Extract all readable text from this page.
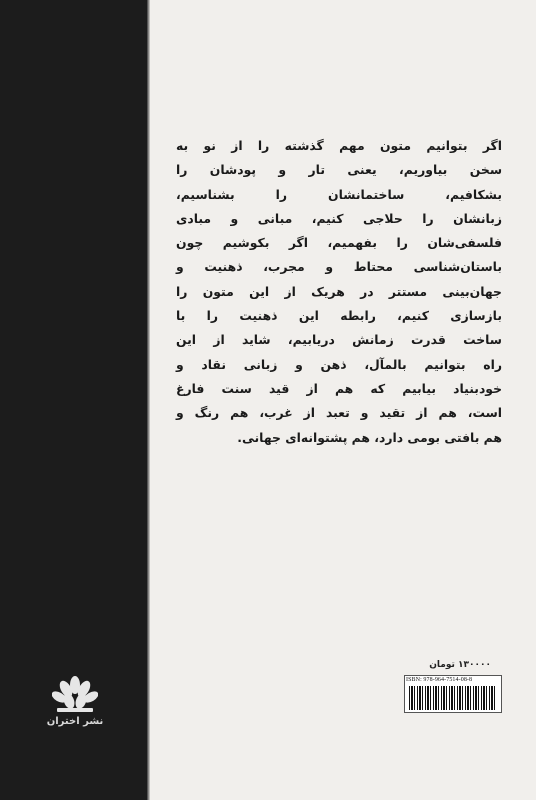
اگر بتوانیم متون مهم گذشته را از نو به
سخن بیاوریم، یعنی تار و پودشان را
بشکافیم، ساختمانشان را بشناسیم،
زبانشان را حلاجی کنیم، مبانی و مبادی
فلسفی‌شان را بفهمیم، اگر بکوشیم چون
باستان‌شناسی محتاط و مجرب، ذهنیت و
جهان‌بینی مستتر در هریک از این متون را
بازسازی کنیم، رابطه این ذهنیت را با
ساخت قدرت زمانش دریابیم، شاید از این
راه بتوانیم بالمآل، ذهن و زبانی نقاد و
خودبنیاد بیابیم که هم از قید سنت فارغ
است، هم از تقید و تعبد از غرب، هم رنگ و
هم بافتی بومی دارد، هم پشتوانه‌ای جهانی.
۱۳۰۰۰۰ تومان
ISBN: 978-964-7514-08-8
نشر اختران
